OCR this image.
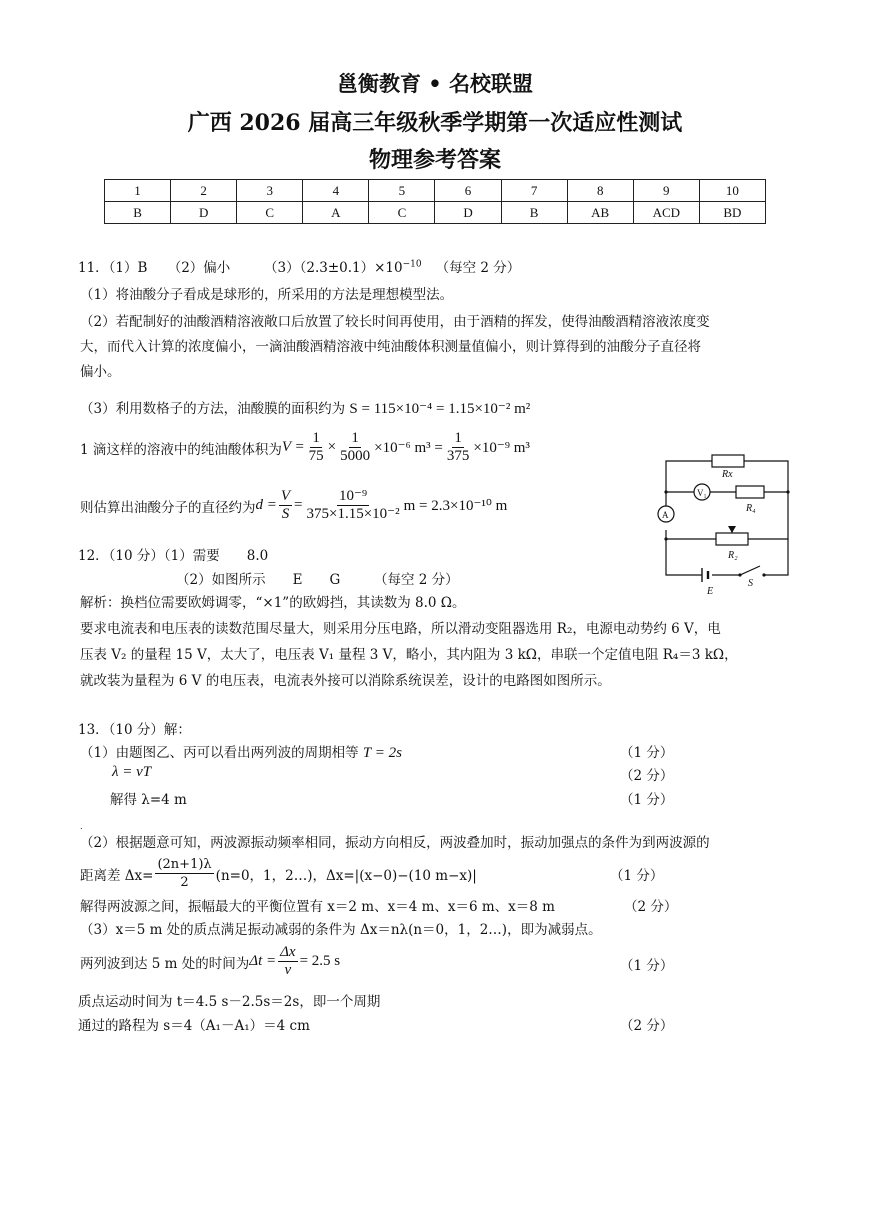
邕衡教育 • 名校联盟
广西 2026 届高三年级秋季学期第一次适应性测试
物理参考答案
1	2	3	4	5	6	7	8	9	10
B	D	C	A	C	D	B	AB	ACD	BD
11．（1）B　　（2）偏小　　　$(3)(2.3\pm 0.1)\times 10^{-10}$ （每空 2 分）
（1）将油酸分子看成是球形的，所采用的方法是理想模型法。
（2）若配制好的油酸酒精溶液敞口后放置了较长时间再使用，由于酒精的挥发，使得油酸酒精溶液浓度变
大，而代入计算的浓度偏小，一滴油酸酒精溶液中纯油酸体积测量值偏小，则计算得到的油酸分子直径将
偏小。
（3）利用数格子的方法，油酸膜的面积约为 S = 115×10⁻⁴ = 1.15×10⁻² m²
1 滴这样的溶液中的纯油酸体积为 $V = \frac{1}{75} \times \frac{1}{5000} \times 10^{-6}$ $m^3 = \frac{1}{375} \times 10^{-9}$ m³
则估算出油酸分子的直径约为 $d = \frac{V}{S} = \frac{\text{10⁻⁹}}{\text{375×1.15×10⁻²}}$ m = 2.3×10⁻¹⁰ m
12．（10 分）（1）需要　　8.0
（2）如图所示　　E　　G　　　（每空 2 分）
解析：换档位需要欧姆调零，“×1”的欧姆挡，其读数为 8.0 Ω。
要求电流表和电压表的读数范围尽量大，则采用分压电路，所以滑动变阻器选用 R₂，电源电动势约 6 V，电
压表 V₂ 的量程 15 V，太大了，电压表 V₁ 量程 3 V，略小，其内阻为 3 kΩ，串联一个定值电阻 R₄＝3 kΩ，
就改装为量程为 6 V 的电压表，电流表外接可以消除系统误差，设计的电路图如图所示。
Rx
V₁
R₄
A
R₂
S
E
13．（10 分）解：
（1）由题图乙、丙可以看出两列波的周期相等 T = 2s	（1 分）
λ = vT	（2 分）
解得 λ=4 m	（1 分）
.
（2）根据题意可知，两波源振动频率相同，振动方向相反，两波叠加时，振动加强点的条件为到两波源的
距离差 $\Delta x= \frac{(2n+1)\lambda}{2} (n=0$，1，2…)，Δx=|(x−0)−(10 m−x)|	（1 分）
解得两波源之间，振幅最大的平衡位置有 x＝2 m、x＝4 m、x＝6 m、x＝8 m	（2 分）
（3）x＝5 m 处的质点满足振动减弱的条件为 Δx＝nλ(n＝0，1，2…)，即为减弱点。
两列波到达 5 m 处的时间为 $\Delta t = \frac{\Delta x}{v} = 2.5$ s	（1 分）
质点运动时间为 t＝4.5 s－2.5s＝2s，即一个周期
通过的路程为 s＝4（A₁－A₁）＝4 cm	（2 分）
